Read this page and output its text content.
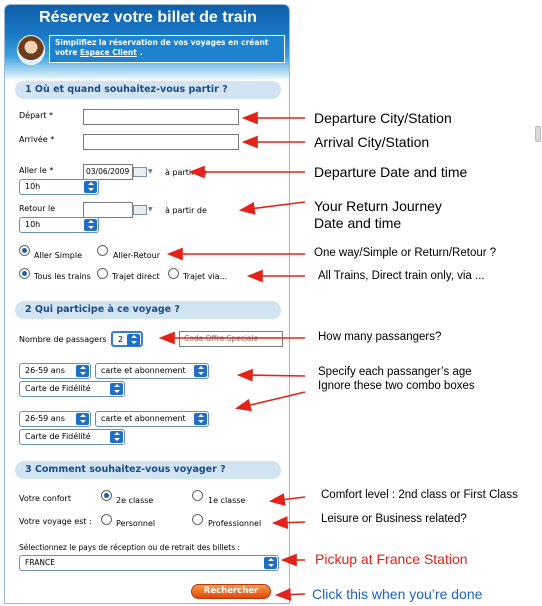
Réservez votre billet de train
Simplifiez la réservation de vos voyages en créant
votre Espace Client .
1 Où et quand souhaitez-vous partir ?
Départ *
Arrivée *
Aller le *	03/06/2009	▼ à partir de
10h
Retour le	▼ à partir de
10h
Aller Simple	Aller-Retour
Tous les trains	Trajet direct	Trajet via...
2 Qui participe à ce voyage ?
Nombre de passagers	2	Code Offre Speciale
26-59 ans	carte et abonnement
Carte de Fidélité
26-59 ans	carte et abonnement
Carte de Fidélité
3 Comment souhaitez-vous voyager ?
Votre confort	2e classe	1e classe
Votre voyage est :	Personnel	Professionnel
Sélectionnez le pays de réception ou de retrait des billets :
FRANCE
Rechercher
Departure City/Station
Arrival City/Station
Departure Date and time
Your Return Journey
Date and time
One way/Simple or Return/Retour ?
All Trains, Direct train only, via ...
How many passangers?
Specify each passanger’s age
Ignore these two combo boxes
Comfort level : 2nd class or First Class
Leisure or Business related?
Pickup at France Station
Click this when you’re done
